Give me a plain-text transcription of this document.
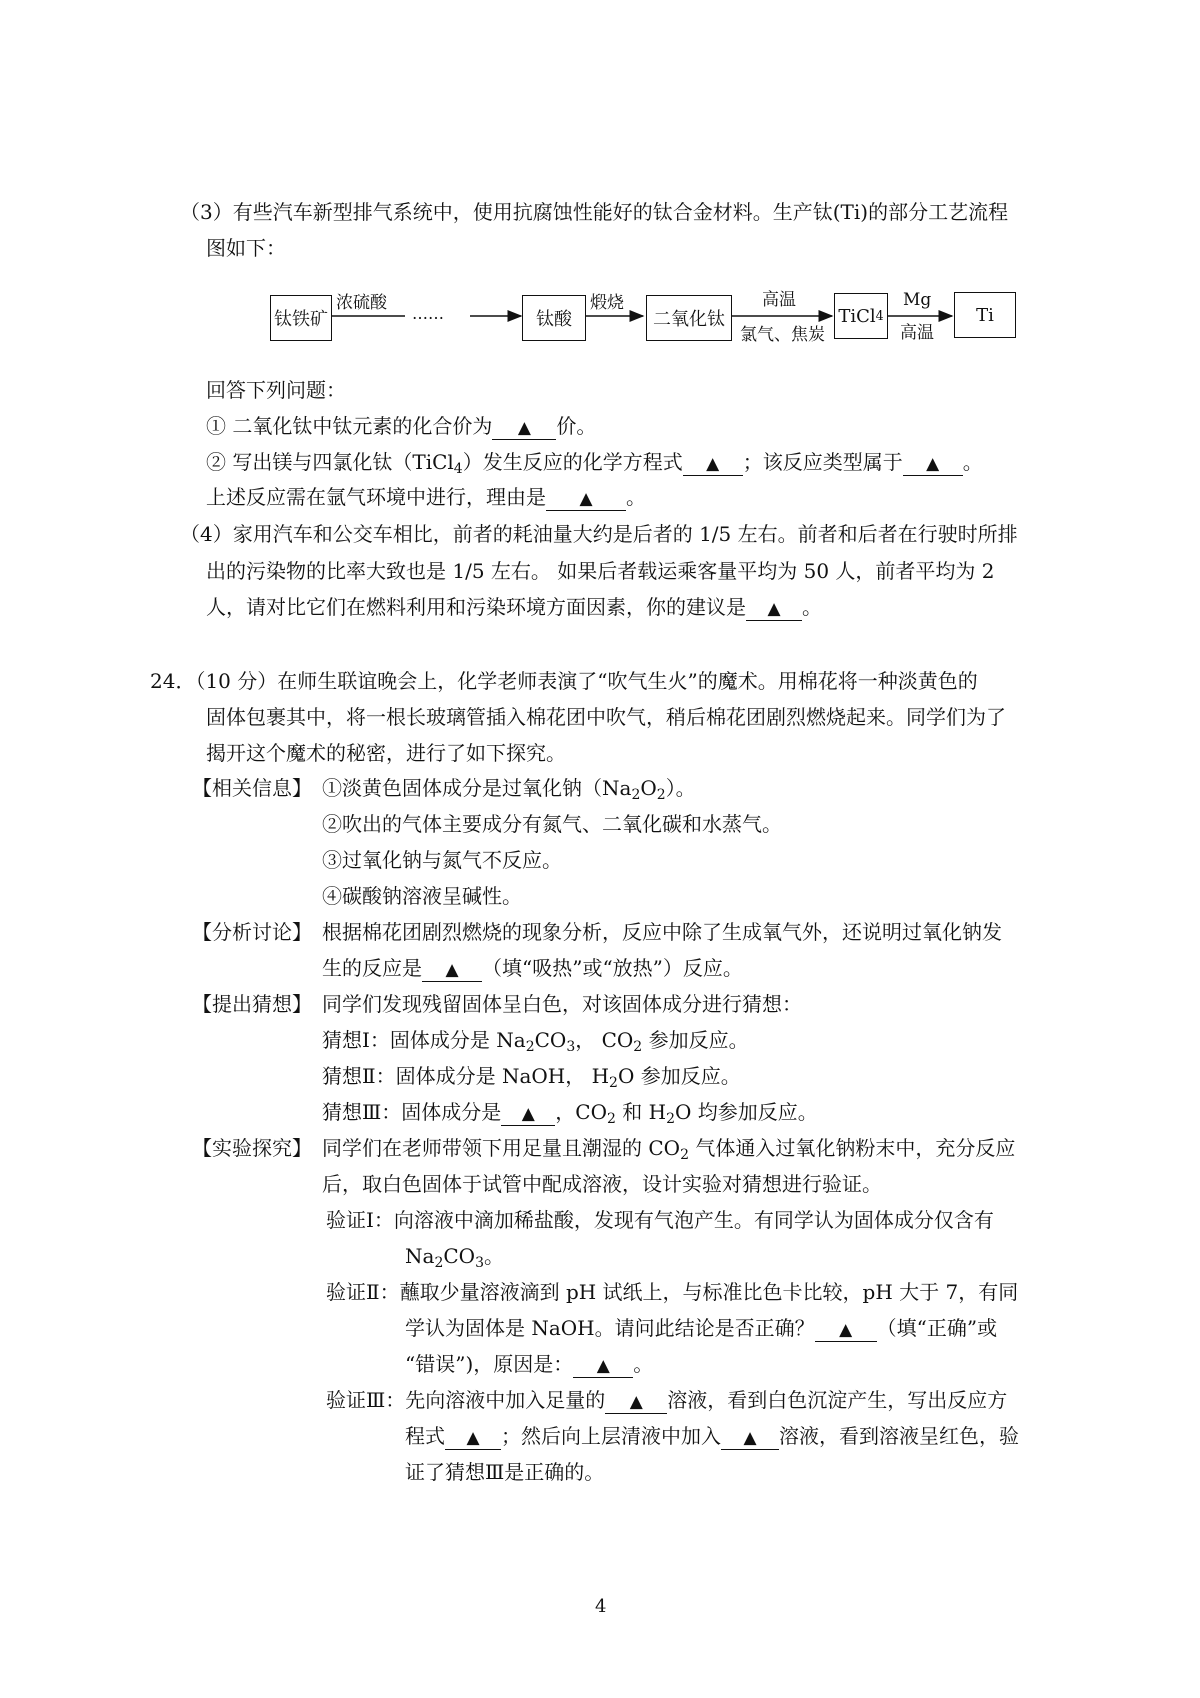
（3）有些汽车新型排气系统中，使用抗腐蚀性能好的钛合金材料。生产钛(Ti)的部分工艺流程
图如下：
钛铁矿
浓硫酸
……	钛酸
煅烧
二氧化钛
高温
氯气、焦炭
TiCl 4
Mg
高温
Ti
回答下列问题：
① 二氧化钛中钛元素的化合价为 ▲ 价。
② 写出镁与四氯化钛（TiCl$_4$）发生反应的化学方程式 ▲ ；该反应类型属于 ▲ 。
上述反应需在氩气环境中进行，理由是 ▲ 。
（4）家用汽车和公交车相比，前者的耗油量大约是后者的 1/5 左右。前者和后者在行驶时所排
出的污染物的比率大致也是 1/5 左右。 如果后者载运乘客量平均为 50 人，前者平均为 2
人，请对比它们在燃料利用和污染环境方面因素，你的建议是 ▲ 。
24．（10 分）在师生联谊晚会上，化学老师表演了“吹气生火”的魔术。用棉花将一种淡黄色的
固体包裹其中，将一根长玻璃管插入棉花团中吹气，稍后棉花团剧烈燃烧起来。同学们为了
揭开这个魔术的秘密，进行了如下探究。
【相关信息】 ①淡黄色固体成分是过氧化钠$(Na_2O_2)$。
②吹出的气体主要成分有氮气、二氧化碳和水蒸气。
③过氧化钠与氮气不反应。
④碳酸钠溶液呈碱性。
【分析讨论】 根据棉花团剧烈燃烧的现象分析，反应中除了生成氧气外，还说明过氧化钠发
生的反应是 ▲ （填“吸热”或“放热”）反应。
【提出猜想】 同学们发现残留固体呈白色，对该固体成分进行猜想：
猜想Ⅰ：固体成分是 $Na_2CO_3$， $CO_2$ 参加反应。
猜想Ⅱ：固体成分是 NaOH， $H_2O$ 参加反应。
猜想Ⅲ：固体成分是 ▲ ，$CO_2$ 和 $H_2O$ 均参加反应。
【实验探究】 同学们在老师带领下用足量且潮湿的 $CO_2$ 气体通入过氧化钠粉末中，充分反应
后，取白色固体于试管中配成溶液，设计实验对猜想进行验证。
验证Ⅰ：向溶液中滴加稀盐酸，发现有气泡产生。有同学认为固体成分仅含有
$Na_2CO_3$。
验证Ⅱ：蘸取少量溶液滴到 pH 试纸上，与标准比色卡比较，pH 大于 7，有同
学认为固体是 NaOH。请问此结论是否正确？ ▲ （填“正确”或
“错误”)，原因是： ▲ 。
验证Ⅲ：先向溶液中加入足量的 ▲ 溶液，看到白色沉淀产生，写出反应方
程式 ▲ ；然后向上层清液中加入 ▲ 溶液，看到溶液呈红色，验
证了猜想Ⅲ是正确的。
4
